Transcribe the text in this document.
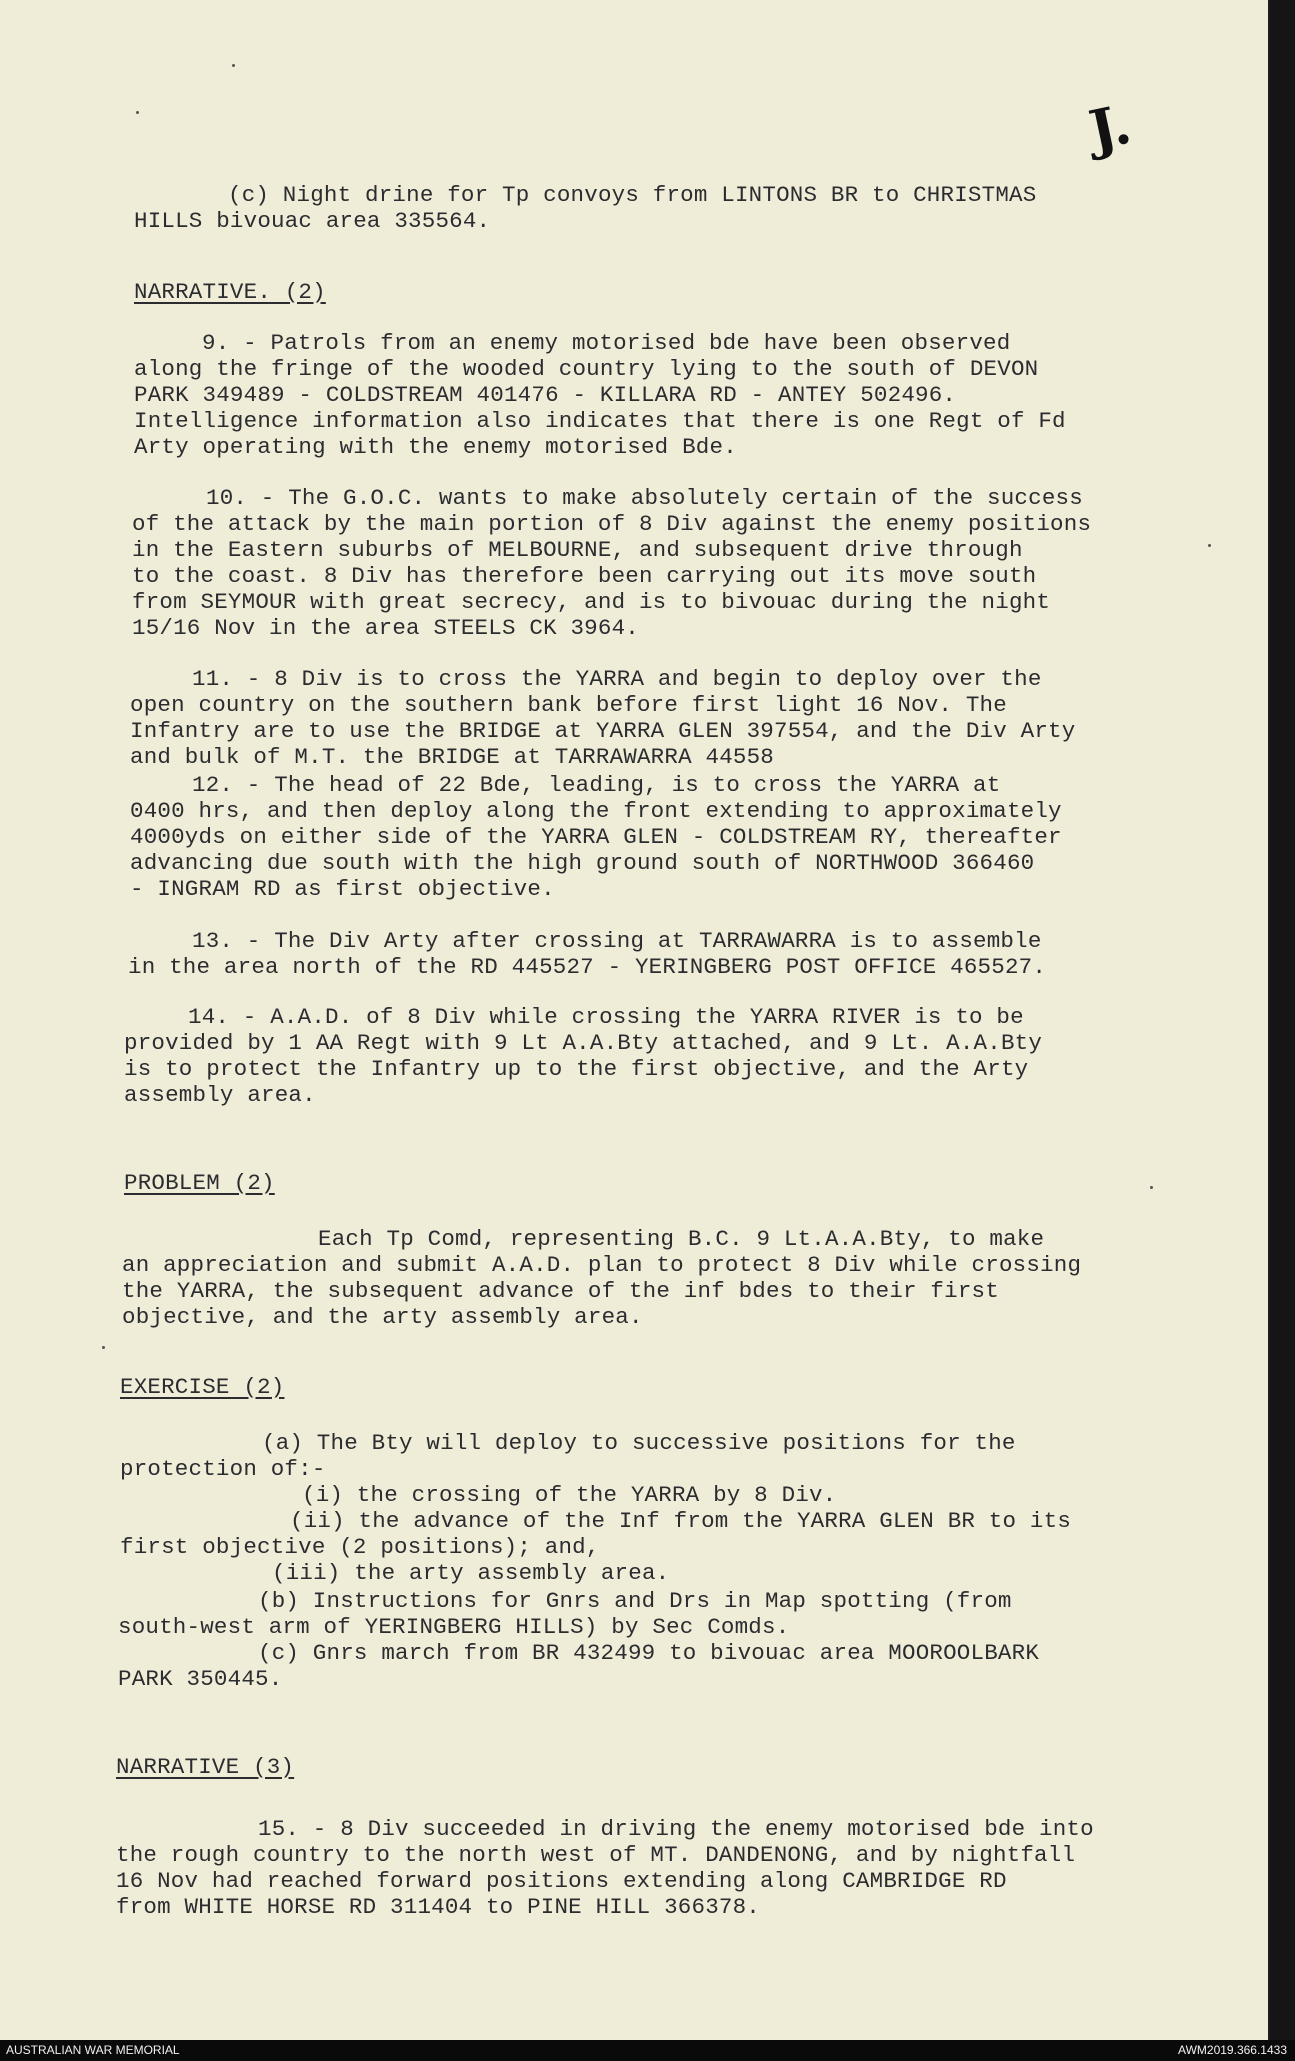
J.
(c) Night drine for Tp convoys from LINTONS BR to CHRISTMAS
HILLS bivouac area 335564.
NARRATIVE. (2)
9. - Patrols from an enemy motorised bde have been observed
along the fringe of the wooded country lying to the south of DEVON
PARK 349489 - COLDSTREAM 401476 - KILLARA RD - ANTEY 502496.
Intelligence information also indicates that there is one Regt of Fd
Arty operating with the enemy motorised Bde.
10. - The G.O.C. wants to make absolutely certain of the success
of the attack by the main portion of 8 Div against the enemy positions
in the Eastern suburbs of MELBOURNE, and subsequent drive through
to the coast. 8 Div has therefore been carrying out its move south
from SEYMOUR with great secrecy, and is to bivouac during the night
15/16 Nov in the area STEELS CK 3964.
11. - 8 Div is to cross the YARRA and begin to deploy over the
open country on the southern bank before first light 16 Nov. The
Infantry are to use the BRIDGE at YARRA GLEN 397554, and the Div Arty
and bulk of M.T. the BRIDGE at TARRAWARRA 44558
12. - The head of 22 Bde, leading, is to cross the YARRA at
0400 hrs, and then deploy along the front extending to approximately
4000yds on either side of the YARRA GLEN - COLDSTREAM RY, thereafter
advancing due south with the high ground south of NORTHWOOD 366460
- INGRAM RD as first objective.
13. - The Div Arty after crossing at TARRAWARRA is to assemble
in the area north of the RD 445527 - YERINGBERG POST OFFICE 465527.
14. - A.A.D. of 8 Div while crossing the YARRA RIVER is to be
provided by 1 AA Regt with 9 Lt A.A.Bty attached, and 9 Lt. A.A.Bty
is to protect the Infantry up to the first objective, and the Arty
assembly area.
PROBLEM (2)
Each Tp Comd, representing B.C. 9 Lt.A.A.Bty, to make
an appreciation and submit A.A.D. plan to protect 8 Div while crossing
the YARRA, the subsequent advance of the inf bdes to their first
objective, and the arty assembly area.
EXERCISE (2)
(a) The Bty will deploy to successive positions for the
protection of:-
(i) the crossing of the YARRA by 8 Div.
(ii) the advance of the Inf from the YARRA GLEN BR to its
first objective (2 positions); and,
(iii) the arty assembly area.
(b) Instructions for Gnrs and Drs in Map spotting (from
south-west arm of YERINGBERG HILLS) by Sec Comds.
(c) Gnrs march from BR 432499 to bivouac area MOOROOLBARK
PARK 350445.
NARRATIVE (3)
15. - 8 Div succeeded in driving the enemy motorised bde into
the rough country to the north west of MT. DANDENONG, and by nightfall
16 Nov had reached forward positions extending along CAMBRIDGE RD
from WHITE HORSE RD 311404 to PINE HILL 366378.
AUSTRALIAN WAR MEMORIAL	AWM2019.366.1433
